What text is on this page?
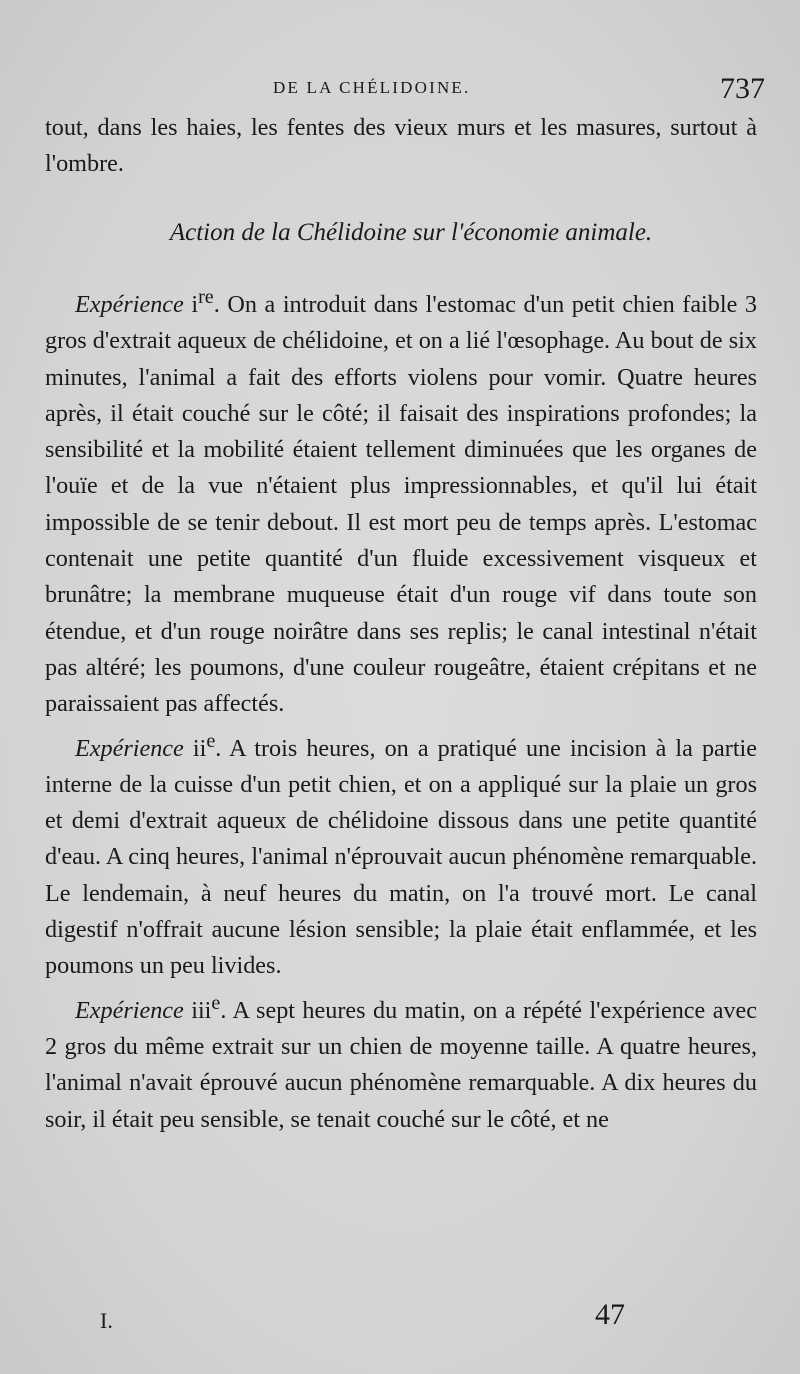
DE LA CHÉLIDOINE.	737

tout, dans les haies, les fentes des vieux murs et les masures, surtout à l'ombre.

Action de la Chélidoine sur l'économie animale.

Expérience $i^{re}$. On a introduit dans l'estomac d'un petit chien faible 3 gros d'extrait aqueux de chélidoine, et on a lié l'œsophage. Au bout de six minutes, l'animal a fait des efforts violens pour vomir. Quatre heures après, il était couché sur le côté; il faisait des inspirations profondes; la sensibilité et la mobilité étaient tellement diminuées que les organes de l'ouïe et de la vue n'étaient plus impressionnables, et qu'il lui était impossible de se tenir debout. Il est mort peu de temps après. L'estomac contenait une petite quantité d'un fluide excessivement visqueux et brunâtre; la membrane muqueuse était d'un rouge vif dans toute son étendue, et d'un rouge noirâtre dans ses replis; le canal intestinal n'était pas altéré; les poumons, d'une couleur rougeâtre, étaient crépitans et ne paraissaient pas affectés.

Expérience $ii^e$. A trois heures, on a pratiqué une incision à la partie interne de la cuisse d'un petit chien, et on a appliqué sur la plaie un gros et demi d'extrait aqueux de chélidoine dissous dans une petite quantité d'eau. A cinq heures, l'animal n'éprouvait aucun phénomène remarquable. Le lendemain, à neuf heures du matin, on l'a trouvé mort. Le canal digestif n'offrait aucune lésion sensible; la plaie était enflammée, et les poumons un peu livides.

Expérience iii$^e$. A sept heures du matin, on a répété l'expérience avec 2 gros du même extrait sur un chien de moyenne taille. A quatre heures, l'animal n'avait éprouvé aucun phénomène remarquable. A dix heures du soir, il était peu sensible, se tenait couché sur le côté, et ne

I.	47
